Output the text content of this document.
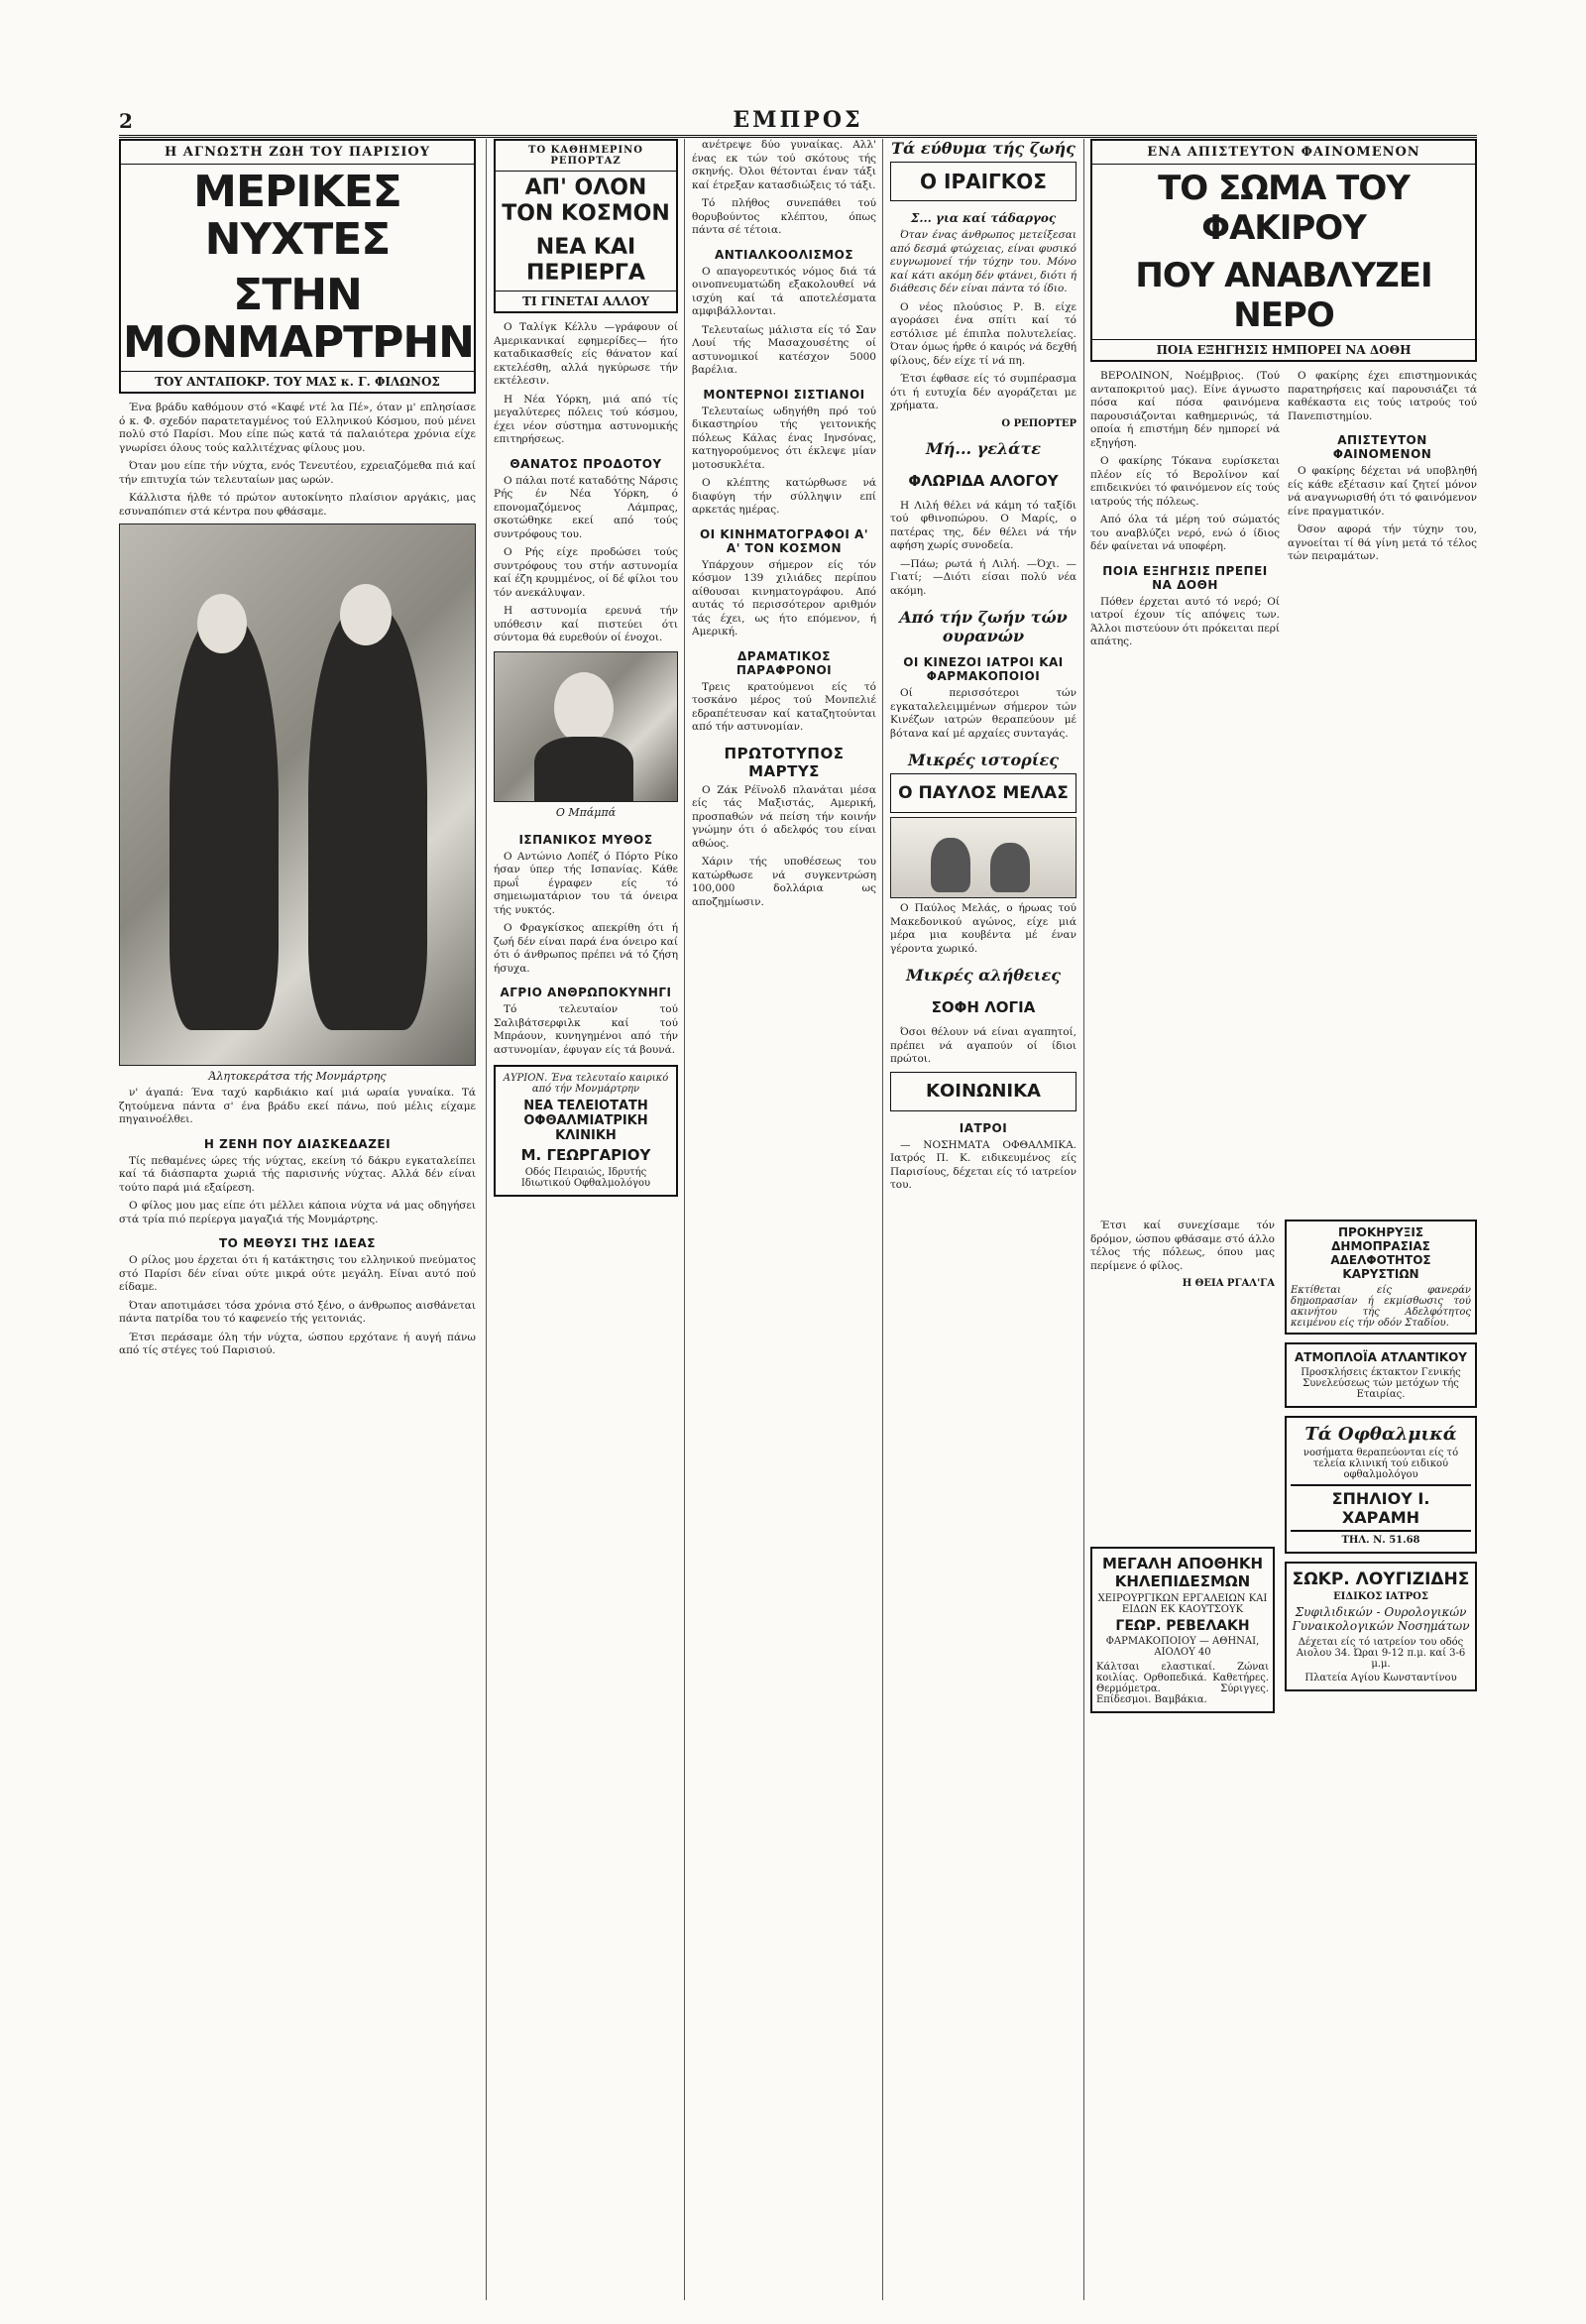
2	ΕΜΠΡΟΣ
Η ΑΓΝΩΣΤΗ ΖΩΗ ΤΟΥ ΠΑΡΙΣΙΟΥ
ΜΕΡΙΚΕΣ ΝΥΧΤΕΣ
ΣΤΗΝ ΜΟΝΜΑΡΤΡΗΝ
ΤΟΥ ΑΝΤΑΠΟΚΡ. ΤΟΥ ΜΑΣ κ. Γ. ΦΙΛΩΝΟΣ

Ένα βράδυ καθόμουν στό «Καφέ ντέ λα Πέ», όταν μ' επλησίασε ό κ. Φ. σχεδόν παρατεταγμένος τού Ελληνικού Κόσμου, πού μένει πολύ στό Παρίσι. Μου είπε πώς κατά τά παλαιότερα χρόνια είχε γνωρίσει όλους τούς καλλιτέχνας φίλους μου.

Όταν μου είπε τήν νύχτα, ενός Τενευτέου, εχρειαζόμεθα πιά καί τήν επιτυχία τών τελευταίων μας ωρών.

Κάλλιστα ήλθε τό πρώτον αυτοκίνητο πλαίσιον αργάκις, μας εσυναπόπιεν στά κέντρα που φθάσαμε.

Άλητοκεράτσα τής Μονμάρτρης

ν' άγαπά: Ένα ταχύ καρδιάκιο καί μιά ωραία γυναίκα. Τά ζητούμενα πάντα σ' ένα βράδυ εκεί πάνω, πού μέλις είχαμε πηγαινοέλθει.

Η ΖΕΝΗ ΠΟΥ ΔΙΑΣΚΕΔΑΖΕΙ

Τίς πεθαμένες ώρες τής νύχτας, εκείνη τό δάκρυ εγκαταλείπει καί τά διάσπαρτα χωριά τής παρισινής νύχτας. Αλλά δέν είναι τούτο παρά μιά εξαίρεση.

Ο φίλος μου μας είπε ότι μέλλει κάποια νύχτα νά μας οδηγήσει στά τρία πιό περίεργα μαγαζιά τής Μονμάρτρης.

ΤΟ ΜΕΘΥΣΙ ΤΗΣ ΙΔΕΑΣ

Ο ρίλος μου έρχεται ότι ή κατάκτησις του ελληνικού πνεύματος στό Παρίσι δέν είναι ούτε μικρά ούτε μεγάλη. Είναι αυτό πού είδαμε.

Όταν αποτιμάσει τόσα χρόνια στό ξένο, ο άνθρωπος αισθάνεται πάντα πατρίδα του τό καφενείο τής γειτονιάς.

Έτσι περάσαμε όλη τήν νύχτα, ώσπου ερχότανε ή αυγή πάνω από τίς στέγες τού Παρισιού.

ΤΟ ΚΑΘΗΜΕΡΙΝΟ ΡΕΠΟΡΤΑΖ
ΑΠ' ΟΛΟΝ ΤΟΝ ΚΟΣΜΟΝ
ΝΕΑ ΚΑΙ ΠΕΡΙΕΡΓΑ
ΤΙ ΓΙΝΕΤΑΙ ΑΛΛΟΥ

Ο Ταλίγκ Κέλλυ —γράφουν οί Αμερικανικαί εφημερίδες— ήτο καταδικασθείς είς θάνατον καί εκτελέσθη, αλλά ηγκύρωσε τήν εκτέλεσιν.

Η Νέα Υόρκη, μιά από τίς μεγαλύτερες πόλεις τού κόσμου, έχει νέον σύστημα αστυνομικής επιτηρήσεως.

ΘΑΝΑΤΟΣ ΠΡΟΔΟΤΟΥ

Ο πάλαι ποτέ καταδότης Νάρσις Ρής έν Νέα Υόρκη, ό επονομαζόμενος Λάμπρας, σκοτώθηκε εκεί από τούς συντρόφους του.

Ο Ρής είχε προδώσει τούς συντρόφους του στήν αστυνομία καί έζη κρυμμένος, οί δέ φίλοι του τόν ανεκάλυψαν.

Η αστυνομία ερευνά τήν υπόθεσιν καί πιστεύει ότι σύντομα θά ευρεθούν οί ένοχοι.

Ο Μπάμπά
ΙΣΠΑΝΙΚΟΣ ΜΥΘΟΣ

Ο Αντώνιο Λοπέζ ό Πόρτο Ρίκο ήσαν ύπερ τής Ισπανίας. Κάθε πρωΐ έγραφεν είς τό σημειωματάριον του τά όνειρα τής νυκτός.

Ο Φραγκίσκος απεκρίθη ότι ή ζωή δέν είναι παρά ένα όνειρο καί ότι ό άνθρωπος πρέπει νά τό ζήση ήσυχα.

ΑΓΡΙΟ ΑΝΘΡΩΠΟΚΥΝΗΓΙ

Τό τελευταίον τού Σαλιβάτσερφιλκ καί τού Μπράουν, κυνηγημένοι από τήν αστυνομίαν, έφυγαν είς τά βουνά.

ΑΥΡΙΟΝ. Ένα τελευταίο καιρικό από τήν Μονμάρτρην
ΝΕΑ ΤΕΛΕΙΟΤΑΤΗ ΟΦΘΑΛΜΙΑΤΡΙΚΗ ΚΛΙΝΙΚΗ
Μ. ΓΕΩΡΓΑΡΙΟΥ
Οδός Πειραιώς, Ιδρυτής Ιδιωτικού Οφθαλμολόγου

ανέτρεψε δύο γυναίκας. Αλλ' ένας εκ τών τού σκότους τής σκηνής. Όλοι θέτονται έναν τάξι καί έτρεξαν κατασδιώξεις τό τάξι.

Τό πλήθος συνεπάθει τού θορυβούντος κλέπτου, όπως πάντα σέ τέτοια.

ΑΝΤΙΑΛΚΟΟΛΙΣΜΟΣ

Ο απαγορευτικός νόμος διά τά οινοπνευματώδη εξακολουθεί νά ισχύη καί τά αποτελέσματα αμφιβάλλονται.

Τελευταίως μάλιστα είς τό Σαν Λουί τής Μασαχουσέτης οί αστυνομικοί κατέσχον 5000 βαρέλια.

ΜΟΝΤΕΡΝΟΙ ΣΙΣΤΙΑΝΟΙ

Τελευταίως ωδηγήθη πρό τού δικαστηρίου τής γειτονικής πόλεως Κάλας ένας Ιηνσόνας, κατηγορούμενος ότι έκλεψε μίαν μοτοσυκλέτα.

Ο κλέπτης κατώρθωσε νά διαφύγη τήν σύλληψιν επί αρκετάς ημέρας.

ΟΙ ΚΙΝΗΜΑΤΟΓΡΑΦΟΙ Α' Α' ΤΟΝ ΚΟΣΜΟΝ

Υπάρχουν σήμερον είς τόν κόσμον 139 χιλιάδες περίπου αίθουσαι κινηματογράφου. Από αυτάς τό περισσότερον αριθμόν τάς έχει, ως ήτο επόμενον, ή Αμερική.

ΔΡΑΜΑΤΙΚΟΣ ΠΑΡΑΦΡΟΝΟΙ

Τρεις κρατούμενοι είς τό τοσκάνο μέρος τού Μονπελιέ εδραπέτευσαν καί καταζητούνται από τήν αστυνομίαν.

ΠΡΩΤΟΤΥΠΟΣ ΜΑΡΤΥΣ

Ο Ζάκ Ρέϊνολδ πλανάται μέσα είς τάς Μαξιστάς, Αμερική, προσπαθών νά πείση τήν κοινήν γνώμην ότι ό αδελφός του είναι αθώος.

Χάριν τής υποθέσεως του κατώρθωσε νά συγκεντρώση 100,000 δολλάρια ως αποζημίωσιν.

Τά εύθυμα τής ζωής
Ο ΙΡΑΙΓΚΟΣ
Σ... για καί τάδαργος

Όταν ένας άνθρωπος μετείξεσαι από δεσμά φτώχειας, είναι φυσικό ευγνωμονεί τήν τύχην του. Μόνο καί κάτι ακόμη δέν φτάνει, διότι ή διάθεσις δέν είναι πάντα τό ίδιο.

Ο νέος πλούσιος Ρ. Β. είχε αγοράσει ένα σπίτι καί τό εστόλισε μέ έπιπλα πολυτελείας. Όταν όμως ήρθε ό καιρός νά δεχθή φίλους, δέν είχε τί νά πη.

Έτσι έφθασε είς τό συμπέρασμα ότι ή ευτυχία δέν αγοράζεται με χρήματα.

Ο ΡΕΠΟΡΤΕΡ
Μή... γελάτε
ΦΛΩΡΙΔΑ ΑΛΟΓΟΥ

Η Λιλή θέλει νά κάμη τό ταξίδι τού φθινοπώρου. Ο Μαρίς, ο πατέρας της, δέν θέλει νά τήν αφήση χωρίς συνοδεία.

—Πάω; ρωτά ή Λιλή. —Όχι. —Γιατί; —Διότι είσαι πολύ νέα ακόμη.

Από τήν ζωήν τών ουρανών
ΟΙ ΚΙΝΕΖΟΙ ΙΑΤΡΟΙ ΚΑΙ ΦΑΡΜΑΚΟΠΟΙΟΙ

Οί περισσότεροι τών εγκαταλελειμμένων σήμερον τών Κινέζων ιατρών θεραπεύουν μέ βότανα καί μέ αρχαίες συνταγάς.

Μικρές ιστορίες
Ο ΠΑΥΛΟΣ ΜΕΛΑΣ

Ο Παύλος Μελάς, ο ήρωας τού Μακεδονικού αγώνος, είχε μιά μέρα μια κουβέντα μέ έναν γέροντα χωρικό.

Μικρές αλήθειες
ΣΟΦΗ ΛΟΓΙΑ

Όσοι θέλουν νά είναι αγαπητοί, πρέπει νά αγαπούν οί ίδιοι πρώτοι.

ΚΟΙΝΩΝΙΚΑ
ΙΑΤΡΟΙ

— ΝΟΣΗΜΑΤΑ ΟΦΘΑΛΜΙΚΑ. Ιατρός Π. Κ. ειδικευμένος είς Παρισίους, δέχεται είς τό ιατρείον του.

Έτσι καί συνεχίσαμε τόν δρόμον, ώσπου φθάσαμε στό άλλο τέλος τής πόλεως, όπου μας περίμενε ό φίλος.

Η ΘΕΙΑ ΡΓΑΛ'ΓΑ
ΜΕΓΑΛΗ ΑΠΟΘΗΚΗ ΚΗΛΕΠΙΔΕΣΜΩΝ
ΧΕΙΡΟΥΡΓΙΚΩΝ ΕΡΓΑΛΕΙΩΝ ΚΑΙ ΕΙΔΩΝ ΕΚ ΚΑΟΥΤΣΟΥΚ
ΓΕΩΡ. ΡΕΒΕΛΑΚΗ
ΦΑΡΜΑΚΟΠΟΙΟΥ — ΑΘΗΝΑΙ, ΑΙΟΛΟΥ 40
Κάλτσαι ελαστικαί. Ζώναι κοιλίας. Ορθοπεδικά. Καθετήρες. Θερμόμετρα. Σύριγγες. Επίδεσμοι. Βαμβάκια.
ΕΝΑ ΑΠΙΣΤΕΥΤΟΝ ΦΑΙΝΟΜΕΝΟΝ
ΤΟ ΣΩΜΑ ΤΟΥ ΦΑΚΙΡΟΥ
ΠΟΥ ΑΝΑΒΛΥΖΕΙ ΝΕΡΟ
ΠΟΙΑ ΕΞΗΓΗΣΙΣ ΗΜΠΟΡΕΙ ΝΑ ΔΟΘΗ

ΒΕΡΟΛΙΝΟΝ, Νοέμβριος. (Τού ανταποκριτού μας). Είνε άγνωστο πόσα καί πόσα φαινόμενα παρουσιάζονται καθημερινώς, τά οποία ή επιστήμη δέν ημπορεί νά εξηγήση.

Ο φακίρης Τόκανα ευρίσκεται πλέον είς τό Βερολίνον καί επιδεικνύει τό φαινόμενον είς τούς ιατρούς τής πόλεως.

Από όλα τά μέρη τού σώματός του αναβλύζει νερό, ενώ ό ίδιος δέν φαίνεται νά υποφέρη.

ΠΟΙΑ ΕΞΗΓΗΣΙΣ ΠΡΕΠΕΙ ΝΑ ΔΟΘΗ

Πόθεν έρχεται αυτό τό νερό; Οί ιατροί έχουν τίς απόψεις των. Άλλοι πιστεύουν ότι πρόκειται περί απάτης.

Ο φακίρης έχει επιστημονικάς παρατηρήσεις καί παρουσιάζει τά καθέκαστα εις τούς ιατρούς τού Πανεπιστημίου.

ΑΠΙΣΤΕΥΤΟΝ ΦΑΙΝΟΜΕΝΟΝ

Ο φακίρης δέχεται νά υποβληθή είς κάθε εξέτασιν καί ζητεί μόνον νά αναγνωρισθή ότι τό φαινόμενον είνε πραγματικόν.

Όσον αφορά τήν τύχην του, αγνοείται τί θά γίνη μετά τό τέλος τών πειραμάτων.

ΠΡΟΚΗΡΥΞΙΣ ΔΗΜΟΠΡΑΣΙΑΣ ΑΔΕΛΦΟΤΗΤΟΣ ΚΑΡΥΣΤΙΩΝ
Εκτίθεται είς φανεράν δημοπρασίαν ή εκμίσθωσις τού ακινήτου τής Αδελφότητος κειμένου είς τήν οδόν Σταδίου.
ΑΤΜΟΠΛΟΪΑ ΑΤΛΑΝΤΙΚΟΥ
Προσκλήσεις έκτακτον Γενικής Συνελεύσεως τών μετόχων τής Εταιρίας.
Τά Οφθαλμικά
νοσήματα θεραπεύονται είς τό τελεία κλινική τού ειδικού οφθαλμολόγου
ΣΠΗΛΙΟΥ Ι. ΧΑΡΑΜΗ
ΤΗΛ. Ν. 51.68
ΣΩΚΡ. ΛΟΥΓΙΖΙΔΗΣ
ΕΙΔΙΚΟΣ ΙΑΤΡΟΣ
Συφιλιδικών - Ουρολογικών Γυναικολογικών Νοσημάτων
Δέχεται είς τό ιατρείον του οδός Αιολου 34. Ώραι 9-12 π.μ. καί 3-6 μ.μ.
Πλατεία Αγίου Κωνσταντίνου
